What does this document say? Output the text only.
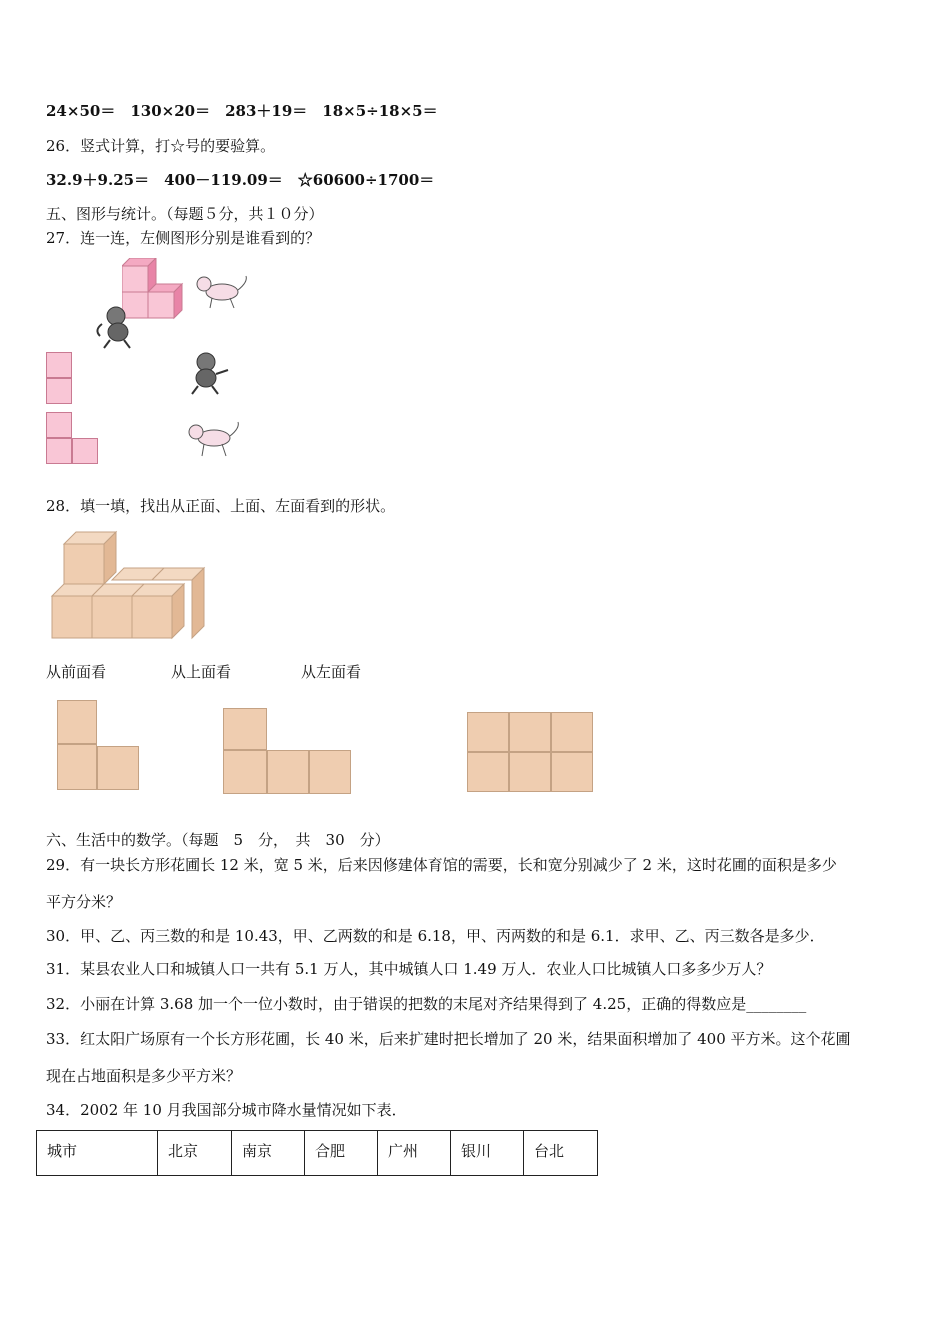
24×50＝　130×20＝　283＋19＝　18×5÷18×5＝
26．竖式计算，打☆号的要验算。
32.9＋9.25＝　400－119.09＝　☆60600÷1700＝
五、图形与统计。（每题５分，共１０分）
27．连一连，左侧图形分别是谁看到的？
28．填一填，找出从正面、上面、左面看到的形状。
从前面看	从上面看	从左面看
六、生活中的数学。（每题　5　分，　共　30　分）
29．有一块长方形花圃长 12 米，宽 5 米，后来因修建体育馆的需要，长和宽分别减少了 2 米，这时花圃的面积是多少
平方分米？
30．甲、乙、丙三数的和是 10.43，甲、乙两数的和是 6.18，甲、丙两数的和是 6.1．求甲、乙、丙三数各是多少．
31．某县农业人口和城镇人口一共有 5.1 万人，其中城镇人口 1.49 万人．农业人口比城镇人口多多少万人？
32．小丽在计算 3.68 加一个一位小数时，由于错误的把数的末尾对齐结果得到了 4.25，正确的得数应是________
33．红太阳广场原有一个长方形花圃，长 40 米，后来扩建时把长增加了 20 米，结果面积增加了 400 平方米。这个花圃
现在占地面积是多少平方米？
34．2002 年 10 月我国部分城市降水量情况如下表．
城市	北京	南京	合肥	广州	银川	台北
